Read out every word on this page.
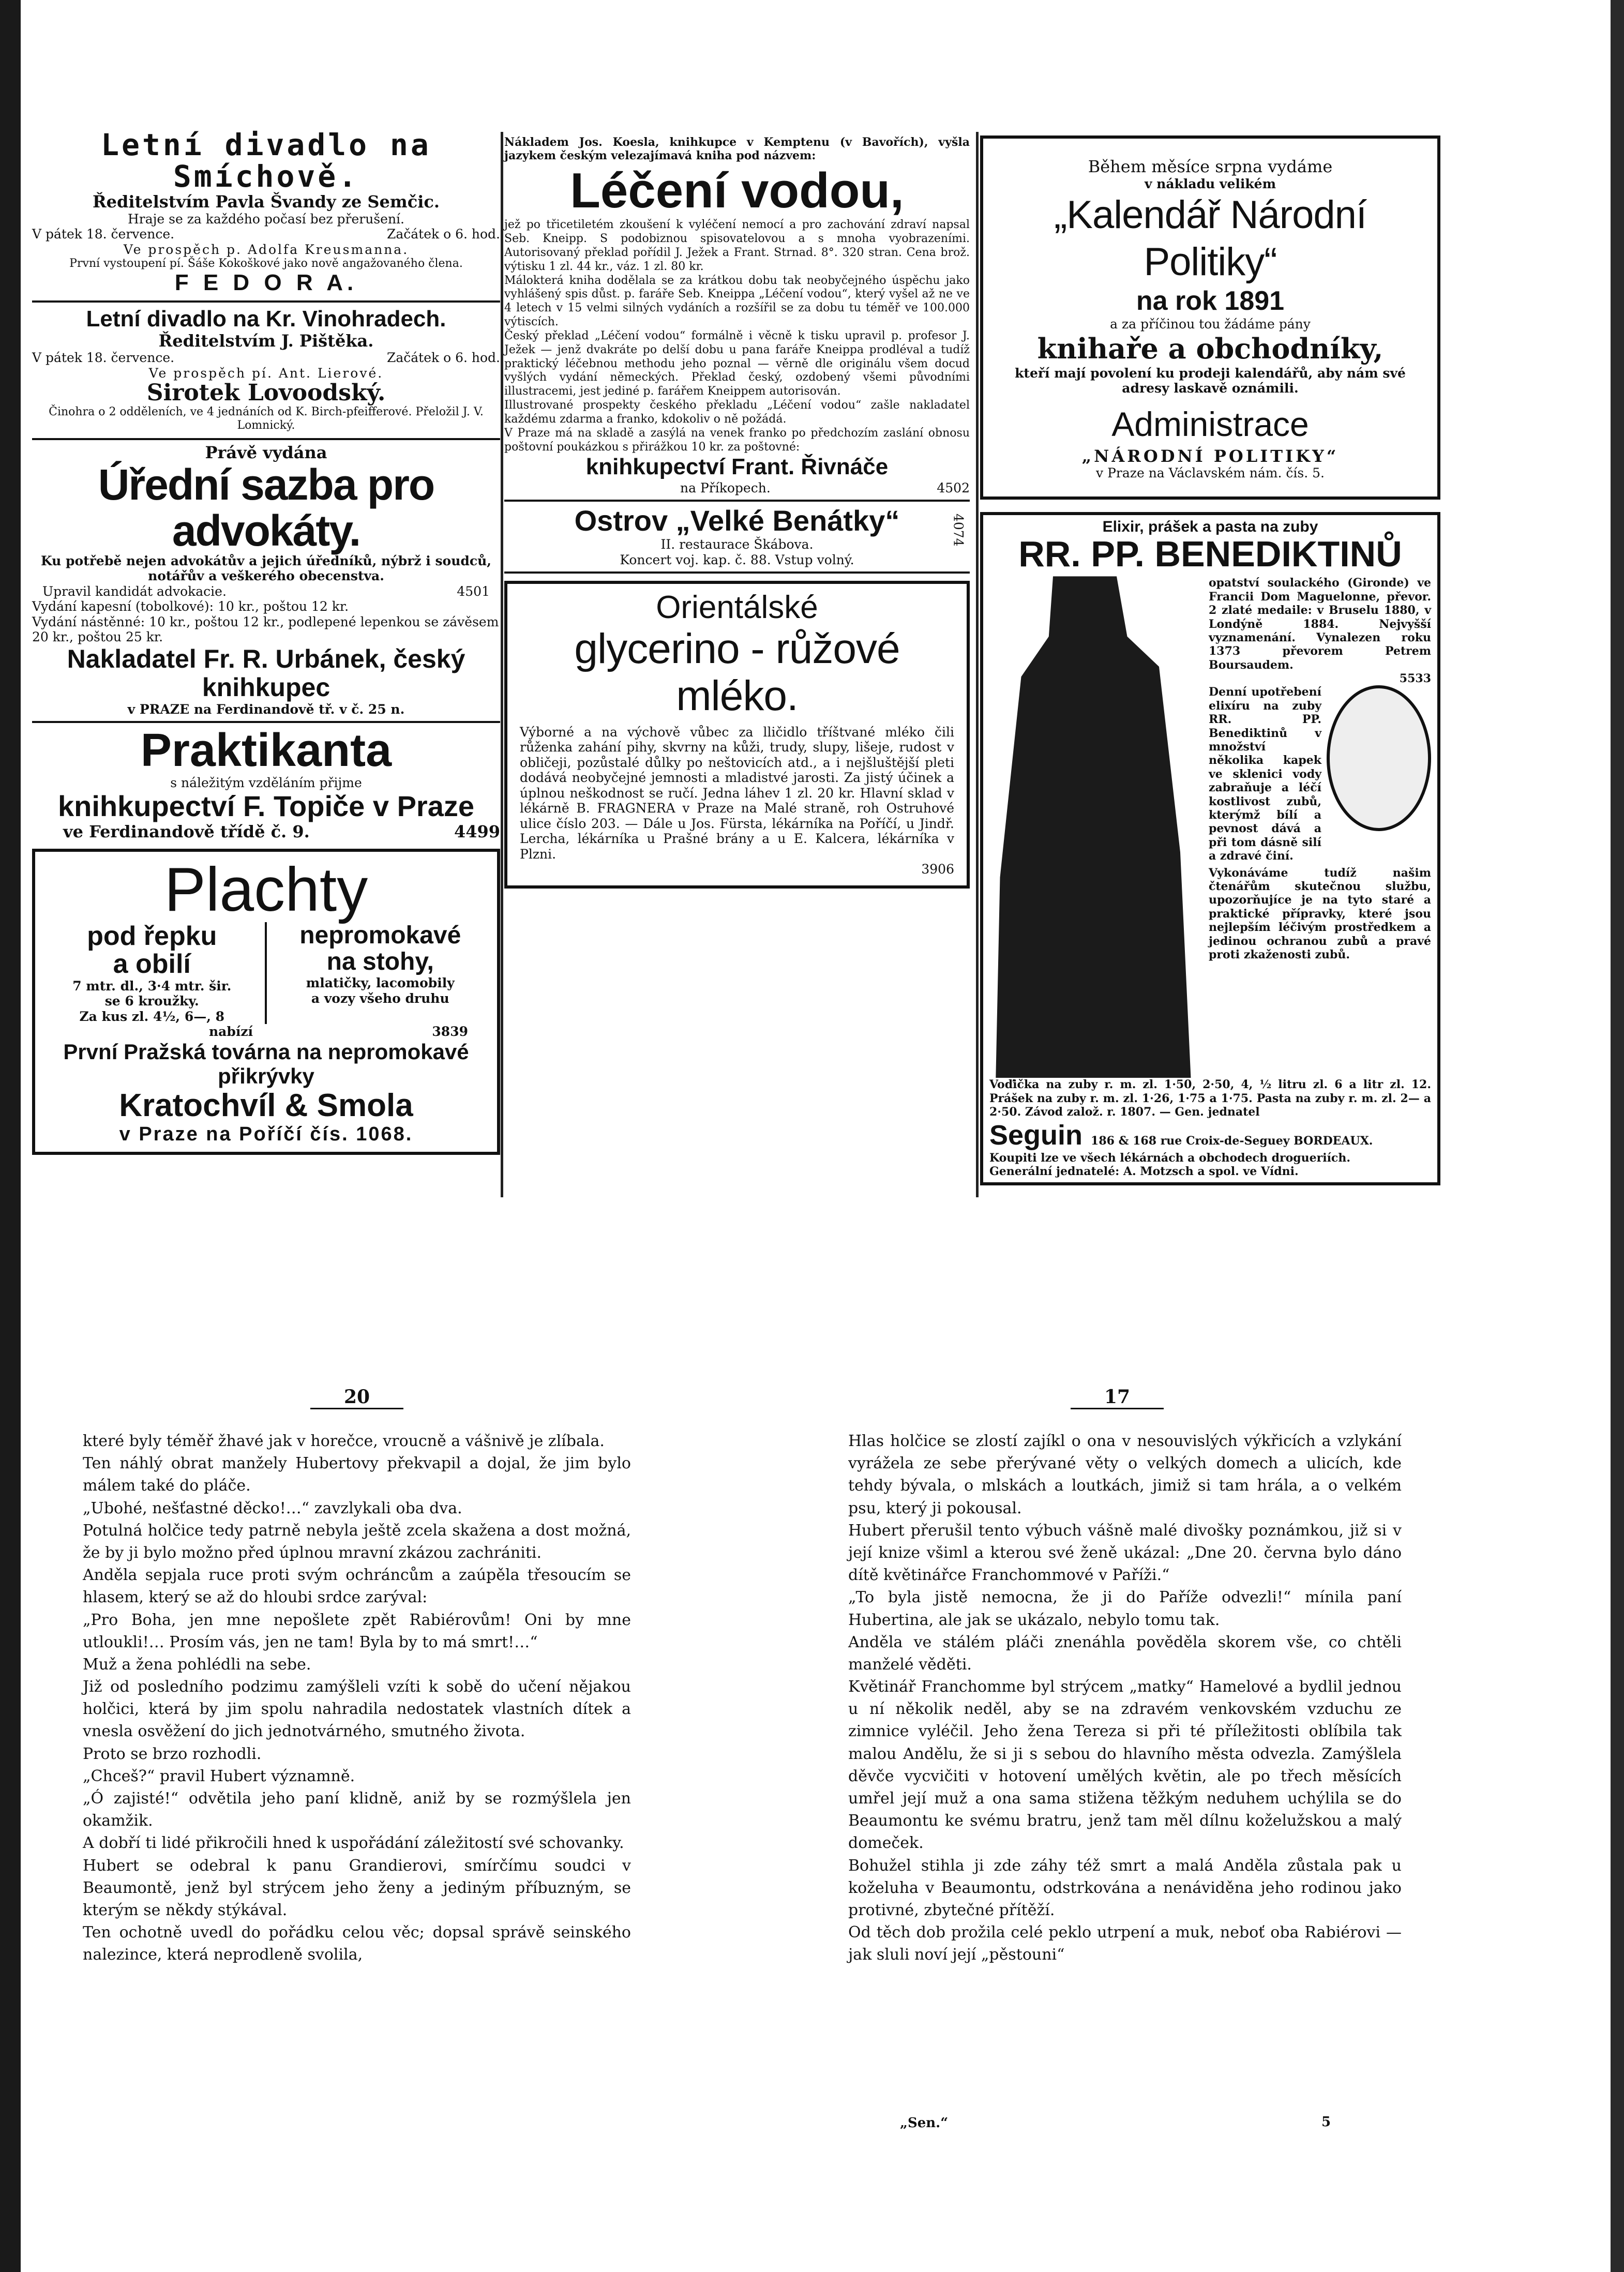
Letní divadlo na Smíchově.
Ředitelstvím Pavla Švandy ze Semčic.
Hraje se za každého počasí bez přerušení.
V pátek 18. července.	Začátek o 6. hod.
Ve prospěch p. Adolfa Kreusmanna.
První vystoupení pí. Šáše Kokoškové jako nově angažovaného člena.
F E D O R A.
Letní divadlo na Kr. Vinohradech.
Ředitelstvím J. Pištěka.
V pátek 18. července.	Začátek o 6. hod.
Ve prospěch pí. Ant. Lierové.
Sirotek Lovoodský.
Činohra o 2 odděleních, ve 4 jednáních od K. Birch-pfeifferové. Přeložil J. V. Lomnický.
Právě vydána
Úřední sazba pro advokáty.
Ku potřebě nejen advokátův a jejich úředníků, nýbrž i soudců, notářův a veškerého obecenstva.
Upravil kandidát advokacie.	4501
Vydání kapesní (tobolkové): 10 kr., poštou 12 kr.
Vydání nástěnné: 10 kr., poštou 12 kr., podlepené lepenkou se závěsem 20 kr., poštou 25 kr.
Nakladatel Fr. R. Urbánek, český knihkupec
v PRAZE na Ferdinandově tř. v č. 25 n.
Praktikanta
s náležitým vzděláním přijme
knihkupectví F. Topiče v Praze
ve Ferdinandově třídě č. 9.	4499
Plachty
pod řepku
a obilí
7 mtr. dl., 3·4 mtr. šir.
se 6 kroužky.
Za kus zl. 4½, 6—, 8
nepromokavé
na stohy,
mlatičky, lacomobily
a vozy všeho druhu
nabízí	3839
První Pražská továrna na nepromokavé přikrývky
Kratochvíl & Smola
v Praze na Poříčí čís. 1068.
Nákladem Jos. Koesla, knihkupce v Kemptenu (v Bavořích), vyšla jazykem českým velezajímavá kniha pod názvem:
Léčení vodou,
jež po třicetiletém zkoušení k vyléčení nemocí a pro zachování zdraví napsal Seb. Kneipp. S podobiznou spisovatelovou a s mnoha vyobrazeními. Autorisovaný překlad pořídil J. Ježek a Frant. Strnad. 8°. 320 stran. Cena brož. výtisku 1 zl. 44 kr., váz. 1 zl. 80 kr.
Málokterá kniha dodělala se za krátkou dobu tak neobyčejného úspěchu jako vyhlášený spis důst. p. faráře Seb. Kneippa „Léčení vodou“, který vyšel až ne ve 4 letech v 15 velmi silných vydáních a rozšířil se za dobu tu téměř ve 100.000 výtiscích.
Český překlad „Léčení vodou“ formálně i věcně k tisku upravil p. profesor J. Ježek — jenž dvakráte po delší dobu u pana faráře Kneippa prodléval a tudíž praktický léčebnou methodu jeho poznal — věrně dle originálu všem docud vyšlých vydání německých. Překlad český, ozdobený všemi původními illustracemi, jest jediné p. farářem Kneippem autorisován.
Illustrované prospekty českého překladu „Léčení vodou“ zašle nakladatel každému zdarma a franko, kdokoliv o ně požádá.
V Praze má na skladě a zasýlá na venek franko po předchozím zaslání obnosu poštovní poukázkou s přirážkou 10 kr. za poštovné:
knihkupectví Frant. Řivnáče
na Příkopech.	4502
Ostrov „Velké Benátky“
II. restaurace Škábova.
Koncert voj. kap. č. 88. Vstup volný.
4074
Orientálské
glycerino - růžové mléko.
Výborné a na výchově vůbec za lličidlo tříštvané mléko čili růženka zahání pihy, skvrny na kůži, trudy, slupy, lišeje, rudost v obličeji, pozůstalé důlky po neštovicích atd., a i nejšluštější pleti dodává neobyčejné jemnosti a mladistvé jarosti. Za jistý účinek a úplnou neškodnost se ručí. Jedna láhev 1 zl. 20 kr. Hlavní sklad v lékárně B. FRAGNERA v Praze na Malé straně, roh Ostruhové ulice číslo 203. — Dále u Jos. Fürsta, lékárníka na Poříčí, u Jindř. Lercha, lékárníka u Prašné brány a u E. Kalcera, lékárníka v Plzni.
3906
Během měsíce srpna vydáme
v nákladu velikém
„Kalendář Národní Politiky“
na rok 1891
a za příčinou tou žádáme pány
knihaře a obchodníky,
kteří mají povolení ku prodeji kalendářů, aby nám své adresy laskavě oznámili.
Administrace
„NÁRODNÍ POLITIKY“
v Praze na Václavském nám. čís. 5.
Elixir, prášek a pasta na zuby
RR. PP. BENEDIKTINŮ
opatství soulackého (Gironde) ve Francii Dom Maguelonne, převor. 2 zlaté medaile: v Bruselu 1880, v Londýně 1884. Nejvyšší vyznamenání. Vynalezen roku 1373 převorem Petrem Boursaudem.
5533
Denní upotřebení elixíru na zuby RR. PP. Benediktinů v množství několika kapek ve sklenici vody zabraňuje a léčí kostlivost zubů, kterýmž bílí a pevnost dává a při tom dásně silí a zdravé činí.
Vykonáváme tudíž našim čtenářům skutečnou službu, upozorňujíce je na tyto staré a praktické přípravky, které jsou nejlepším léčivým prostředkem a jedinou ochranou zubů a pravé proti zkaženosti zubů.
Voďička na zuby r. m. zl. 1·50, 2·50, 4, ½ litru zl. 6 a litr zl. 12. Prášek na zuby r. m. zl. 1·26, 1·75 a 1·75. Pasta na zuby r. m. zl. 2— a 2·50. Závod založ. r. 1807. — Gen. jednatel
Seguin 186 & 168 rue Croix-de-Seguey BORDEAUX.
Koupiti lze ve všech lékárnách a obchodech drogueriích.
Generální jednatelé: A. Motzsch a spol. ve Vídni.
20	17
které byly téměř žhavé jak v horečce, vroucně a vášnivě je zlíbala.
Ten náhlý obrat manžely Hubertovy překvapil a dojal, že jim bylo málem také do pláče.
„Ubohé, nešťastné děcko!…“ zavzlykali oba dva.
Potulná holčice tedy patrně nebyla ještě zcela skažena a dost možná, že by ji bylo možno před úplnou mravní zkázou zachrániti.
Anděla sepjala ruce proti svým ochráncům a zaúpěla třesoucím se hlasem, který se až do hloubi srdce zarýval:
„Pro Boha, jen mne nepošlete zpět Rabiérovům! Oni by mne utloukli!… Prosím vás, jen ne tam! Byla by to má smrt!…“
Muž a žena pohlédli na sebe.
Již od posledního podzimu zamýšleli vzíti k sobě do učení nějakou holčici, která by jim spolu nahradila nedostatek vlastních dítek a vnesla osvěžení do jich jednotvárného, smutného života.
Proto se brzo rozhodli.
„Chceš?“ pravil Hubert významně.
„Ó zajisté!“ odvětila jeho paní klidně, aniž by se rozmýšlela jen okamžik.
A dobří ti lidé přikročili hned k uspořádání záležitostí své schovanky.
Hubert se odebral k panu Grandierovi, smírčímu soudci v Beaumontě, jenž byl strýcem jeho ženy a jediným příbuzným, se kterým se někdy stýkával.
Ten ochotně uvedl do pořádku celou věc; dopsal správě seinského nalezince, která neprodleně svolila,
Hlas holčice se zlostí zajíkl o ona v nesouvislých výkřicích a vzlykání vyrážela ze sebe přerývané věty o velkých domech a ulicích, kde tehdy bývala, o mlskách a loutkách, jimiž si tam hrála, a o velkém psu, který ji pokousal.
Hubert přerušil tento výbuch vášně malé divošky poznámkou, již si v její knize všiml a kterou své ženě ukázal: „Dne 20. června bylo dáno dítě květinářce Franchommové v Paříži.“
„To byla jistě nemocna, že ji do Paříže odvezli!“ mínila paní Hubertina, ale jak se ukázalo, nebylo tomu tak.
Anděla ve stálém pláči znenáhla pověděla skorem vše, co chtěli manželé věděti.
Květinář Franchomme byl strýcem „matky“ Hamelové a bydlil jednou u ní několik neděl, aby se na zdravém venkovském vzduchu ze zimnice vyléčil. Jeho žena Tereza si při té příležitosti oblíbila tak malou Andělu, že si ji s sebou do hlavního města odvezla. Zamýšlela děvče vycvičiti v hotovení umělých květin, ale po třech měsících umřel její muž a ona sama stižena těžkým neduhem uchýlila se do Beaumontu ke svému bratru, jenž tam měl dílnu koželužskou a malý domeček.
Bohužel stihla ji zde záhy též smrt a malá Anděla zůstala pak u koželuha v Beaumontu, odstrkována a nenáviděna jeho rodinou jako protivné, zbytečné přítěží.
Od těch dob prožila celé peklo utrpení a muk, neboť oba Rabiérovi — jak sluli noví její „pěstouni“
„Sen.“	5
